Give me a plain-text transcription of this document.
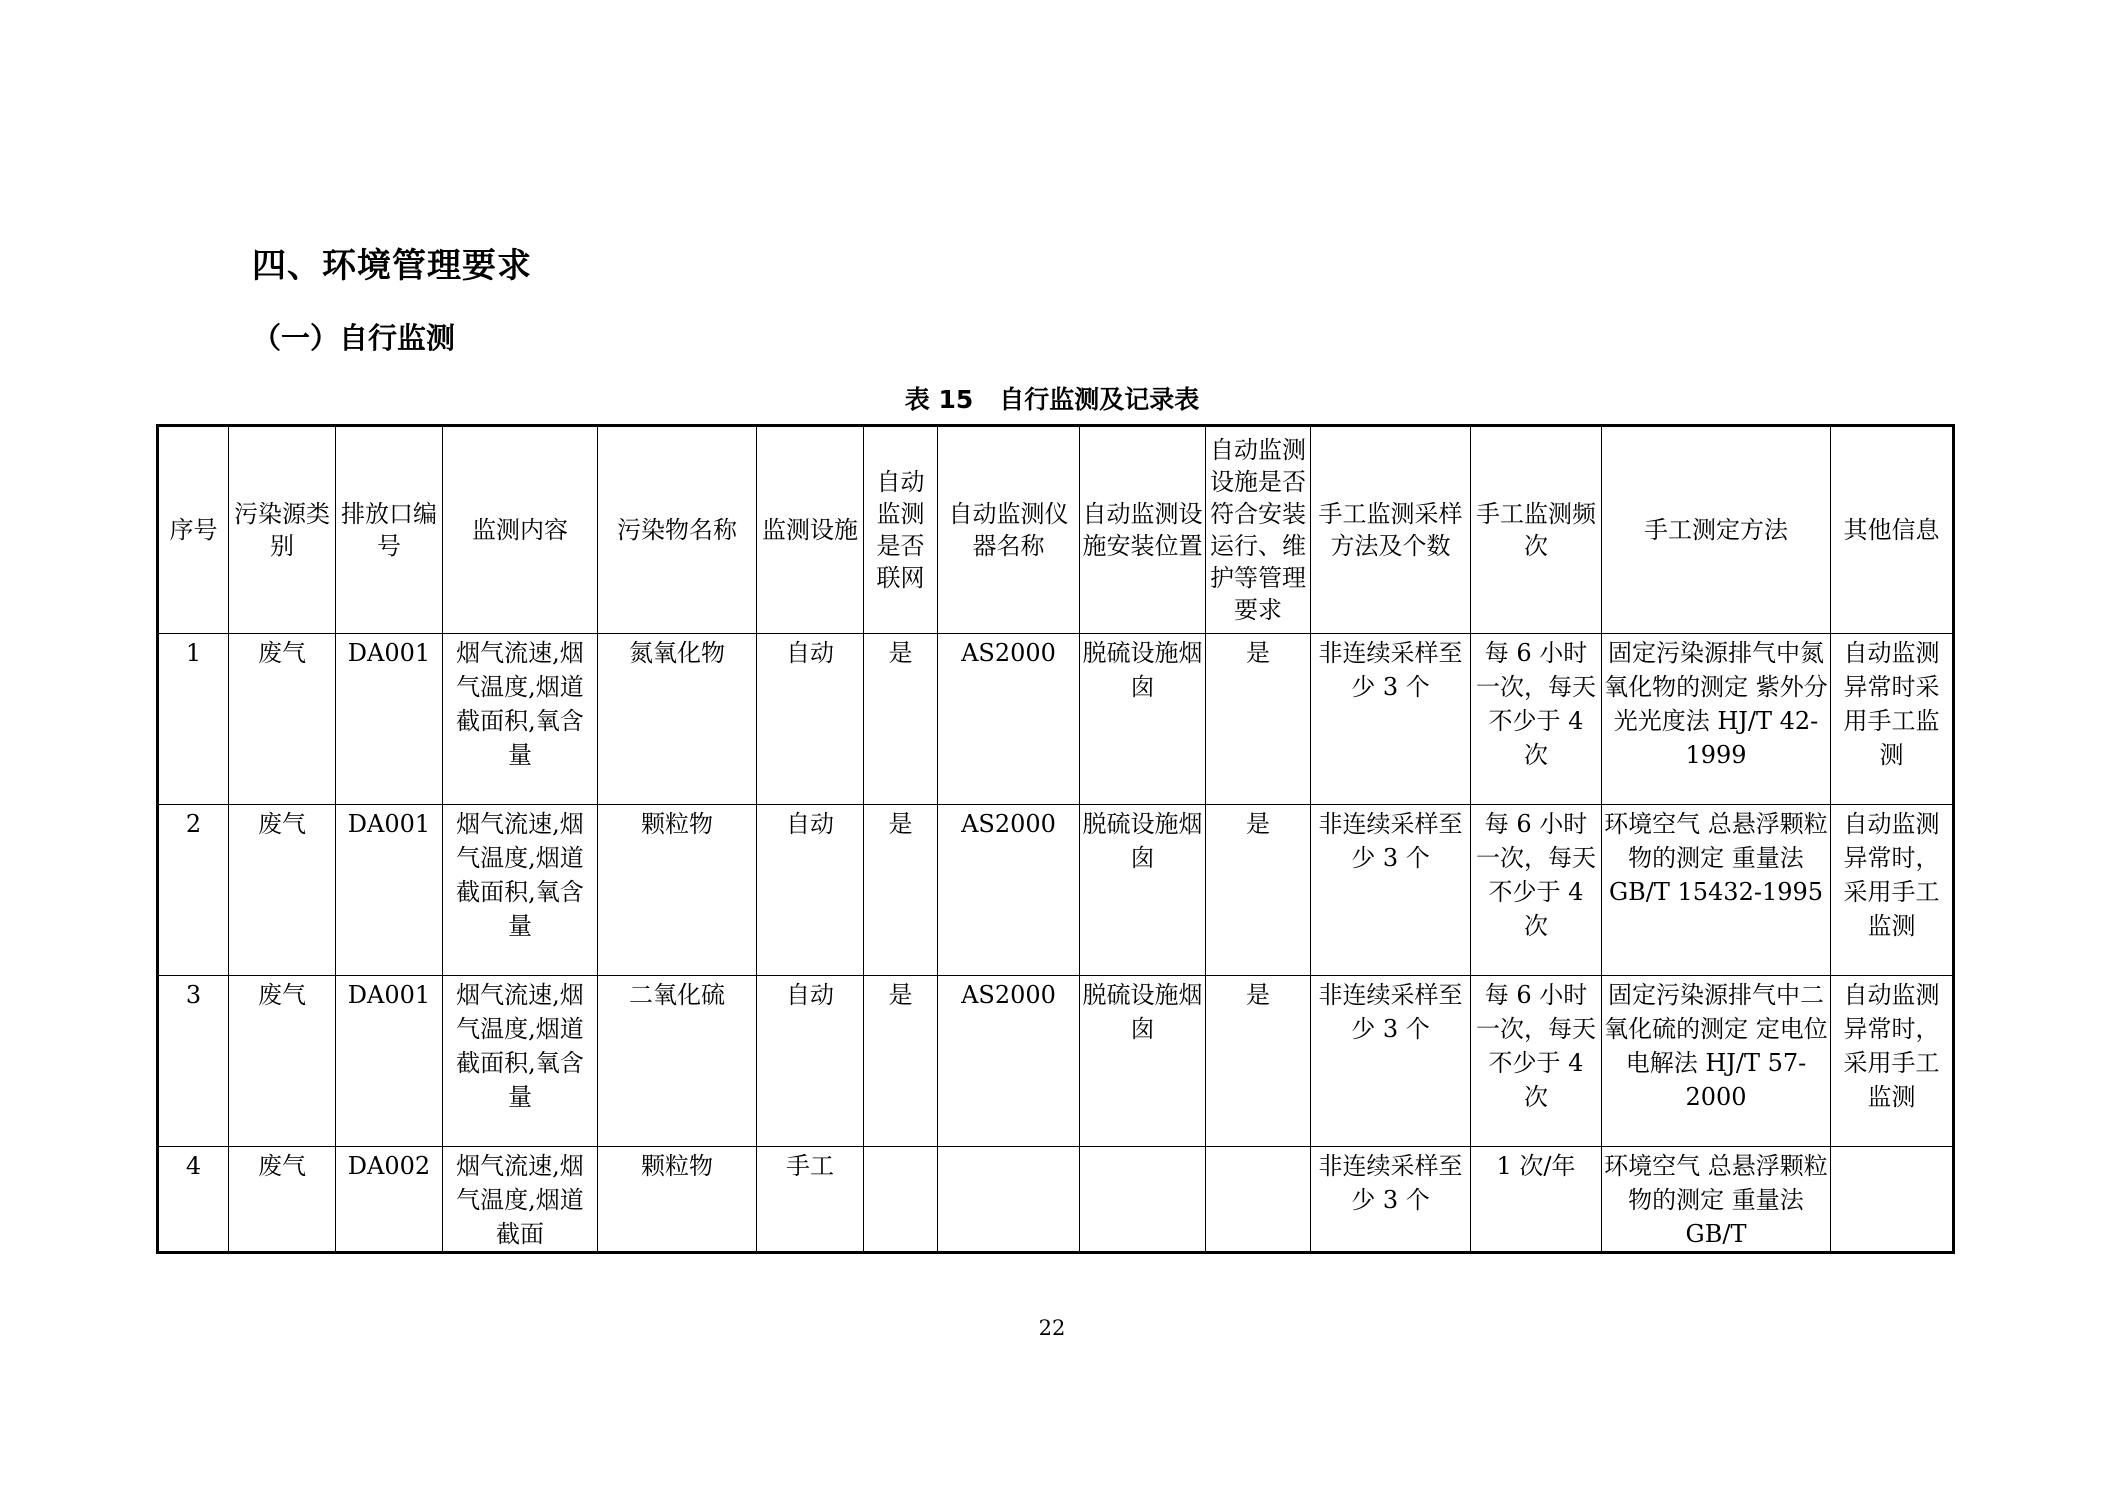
四、环境管理要求
（一）自行监测
表 15 自行监测及记录表
序号	污染源类别	排放口编号	监测内容	污染物名称	监测设施	自动监测是否联网	自动监测仪器名称	自动监测设施安装位置	自动监测设施是否符合安装运行、维护等管理要求	手工监测采样方法及个数	手工监测频次	手工测定方法	其他信息
1	废气	DA001	烟气流速,烟气温度,烟道截面积,氧含量	氮氧化物	自动	是	AS2000	脱硫设施烟囱	是	非连续采样至少 3 个	每 6 小时一次，每天不少于 4 次	固定污染源排气中氮氧化物的测定 紫外分光光度法 HJ/T 42-1999	自动监测异常时采用手工监测
2	废气	DA001	烟气流速,烟气温度,烟道截面积,氧含量	颗粒物	自动	是	AS2000	脱硫设施烟囱	是	非连续采样至少 3 个	每 6 小时一次，每天不少于 4 次	环境空气 总悬浮颗粒物的测定 重量法 GB/T 15432-1995	自动监测异常时，采用手工监测
3	废气	DA001	烟气流速,烟气温度,烟道截面积,氧含量	二氧化硫	自动	是	AS2000	脱硫设施烟囱	是	非连续采样至少 3 个	每 6 小时一次，每天不少于 4 次	固定污染源排气中二氧化硫的测定 定电位电解法 HJ/T 57-2000	自动监测异常时，采用手工监测
4	废气	DA002	烟气流速,烟气温度,烟道截面	颗粒物	手工					非连续采样至少 3 个	1 次/年	环境空气 总悬浮颗粒物的测定 重量法 GB/T	
22
